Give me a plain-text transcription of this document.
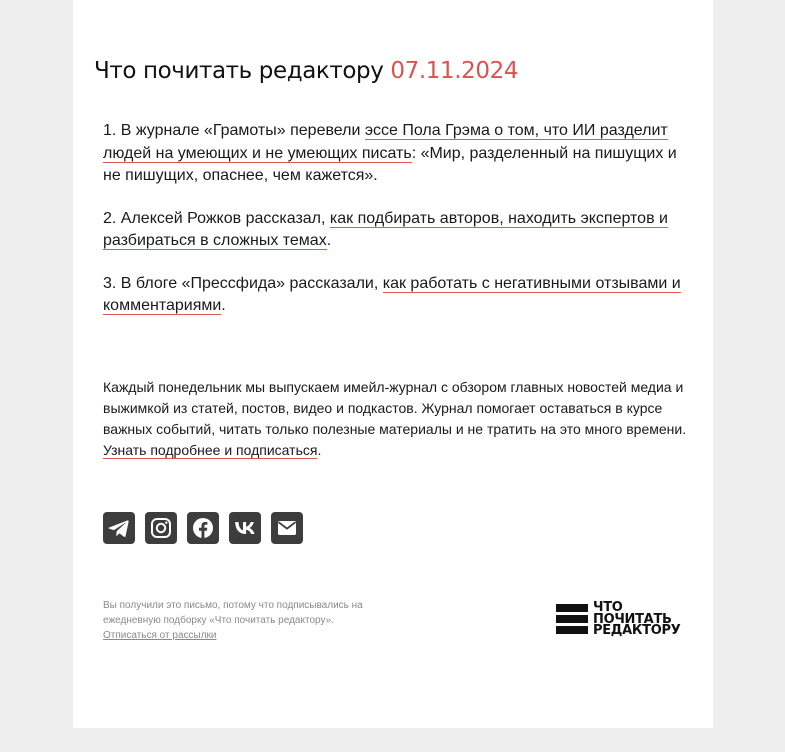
Что почитать редактору 07.11.2024

1. В журнале «Грамоты» перевели эссе Пола Грэма о том, что ИИ разделит людей на умеющих и не умеющих писать: «Мир, разделенный на пишущих и не пишущих, опаснее, чем кажется».

2. Алексей Рожков рассказал, как подбирать авторов, находить экспертов и разбираться в сложных темах.

3. В блоге «Прессфида» рассказали, как работать с негативными отзывами и комментариями.

Каждый понедельник мы выпускаем имейл-журнал с обзором главных новостей медиа и выжимкой из статей, постов, видео и подкастов. Журнал помогает оставаться в курсе важных событий, читать только полезные материалы и не тратить на это много времени. Узнать подробнее и подписаться.

Вы получили это письмо, потому что подписывались на ежедневную подборку «Что почитать редактору».
Отписаться от рассылки

ЧТО
ПОЧИТАТЬ
РЕДАКТОРУ
